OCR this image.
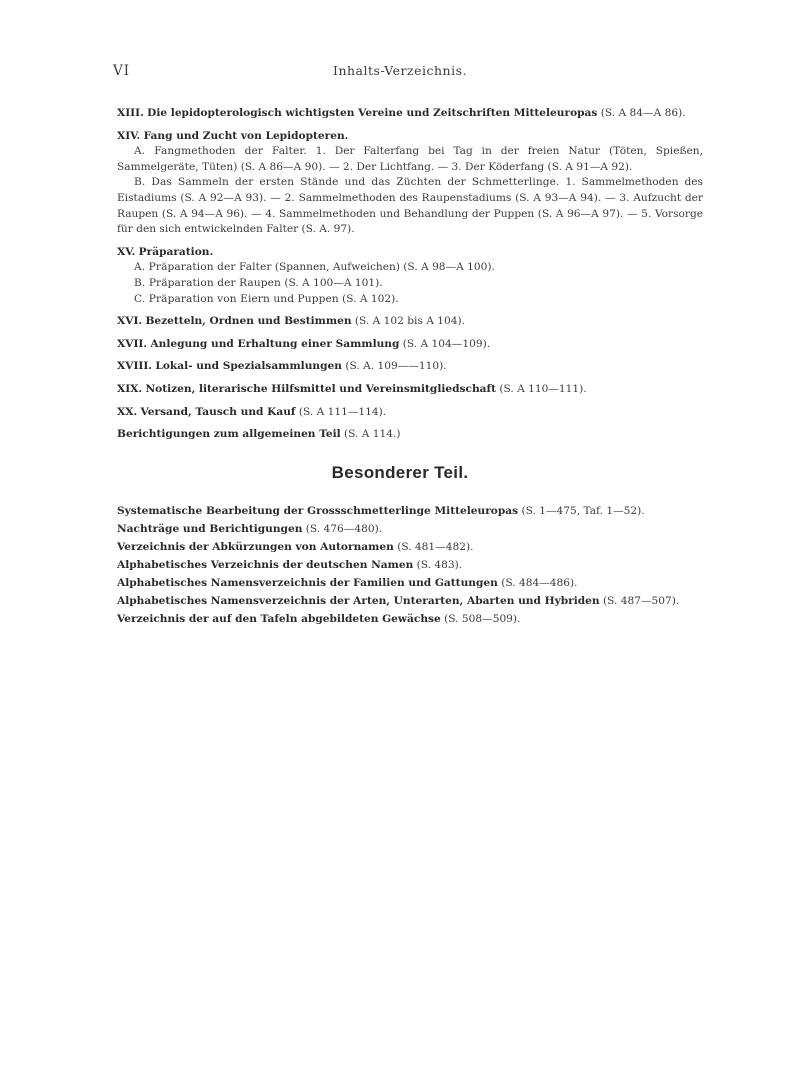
VI	Inhalts-Verzeichnis.
XIII. Die lepidopterologisch wichtigsten Vereine und Zeitschriften Mitteleuropas (S. A 84—A 86).
XIV. Fang und Zucht von Lepidopteren.
A. Fangmethoden der Falter. 1. Der Falterfang bei Tag in der freien Natur (Töten, Spießen, Sammelgeräte, Tüten) (S. A 86—A 90). — 2. Der Lichtfang. — 3. Der Köderfang (S. A 91—A 92).
B. Das Sammeln der ersten Stände und das Züchten der Schmetterlinge. 1. Sammelmethoden des Eistadiums (S. A 92—A 93). — 2. Sammelmethoden des Raupenstadiums (S. A 93—A 94). — 3. Aufzucht der Raupen (S. A 94—A 96). — 4. Sammelmethoden und Behandlung der Puppen (S. A 96—A 97). — 5. Vorsorge für den sich entwickelnden Falter (S. A. 97).
XV. Präparation.
A. Präparation der Falter (Spannen, Aufweichen) (S. A 98—A 100).
B. Präparation der Raupen (S. A 100—A 101).
C. Präparation von Eiern und Puppen (S. A 102).
XVI. Bezetteln, Ordnen und Bestimmen (S. A 102 bis A 104).
XVII. Anlegung und Erhaltung einer Sammlung (S. A 104—109).
XVIII. Lokal- und Spezialsammlungen (S. A. 109——110).
XIX. Notizen, literarische Hilfsmittel und Vereinsmitgliedschaft (S. A 110—111).
XX. Versand, Tausch und Kauf (S. A 111—114).
Berichtigungen zum allgemeinen Teil (S. A 114.)
Besonderer Teil.
Systematische Bearbeitung der Grossschmetterlinge Mitteleuropas (S. 1—475, Taf. 1—52).
Nachträge und Berichtigungen (S. 476—480).
Verzeichnis der Abkürzungen von Autornamen (S. 481—482).
Alphabetisches Verzeichnis der deutschen Namen (S. 483).
Alphabetisches Namensverzeichnis der Familien und Gattungen (S. 484—486).
Alphabetisches Namensverzeichnis der Arten, Unterarten, Abarten und Hybriden (S. 487—507).
Verzeichnis der auf den Tafeln abgebildeten Gewächse (S. 508—509).
